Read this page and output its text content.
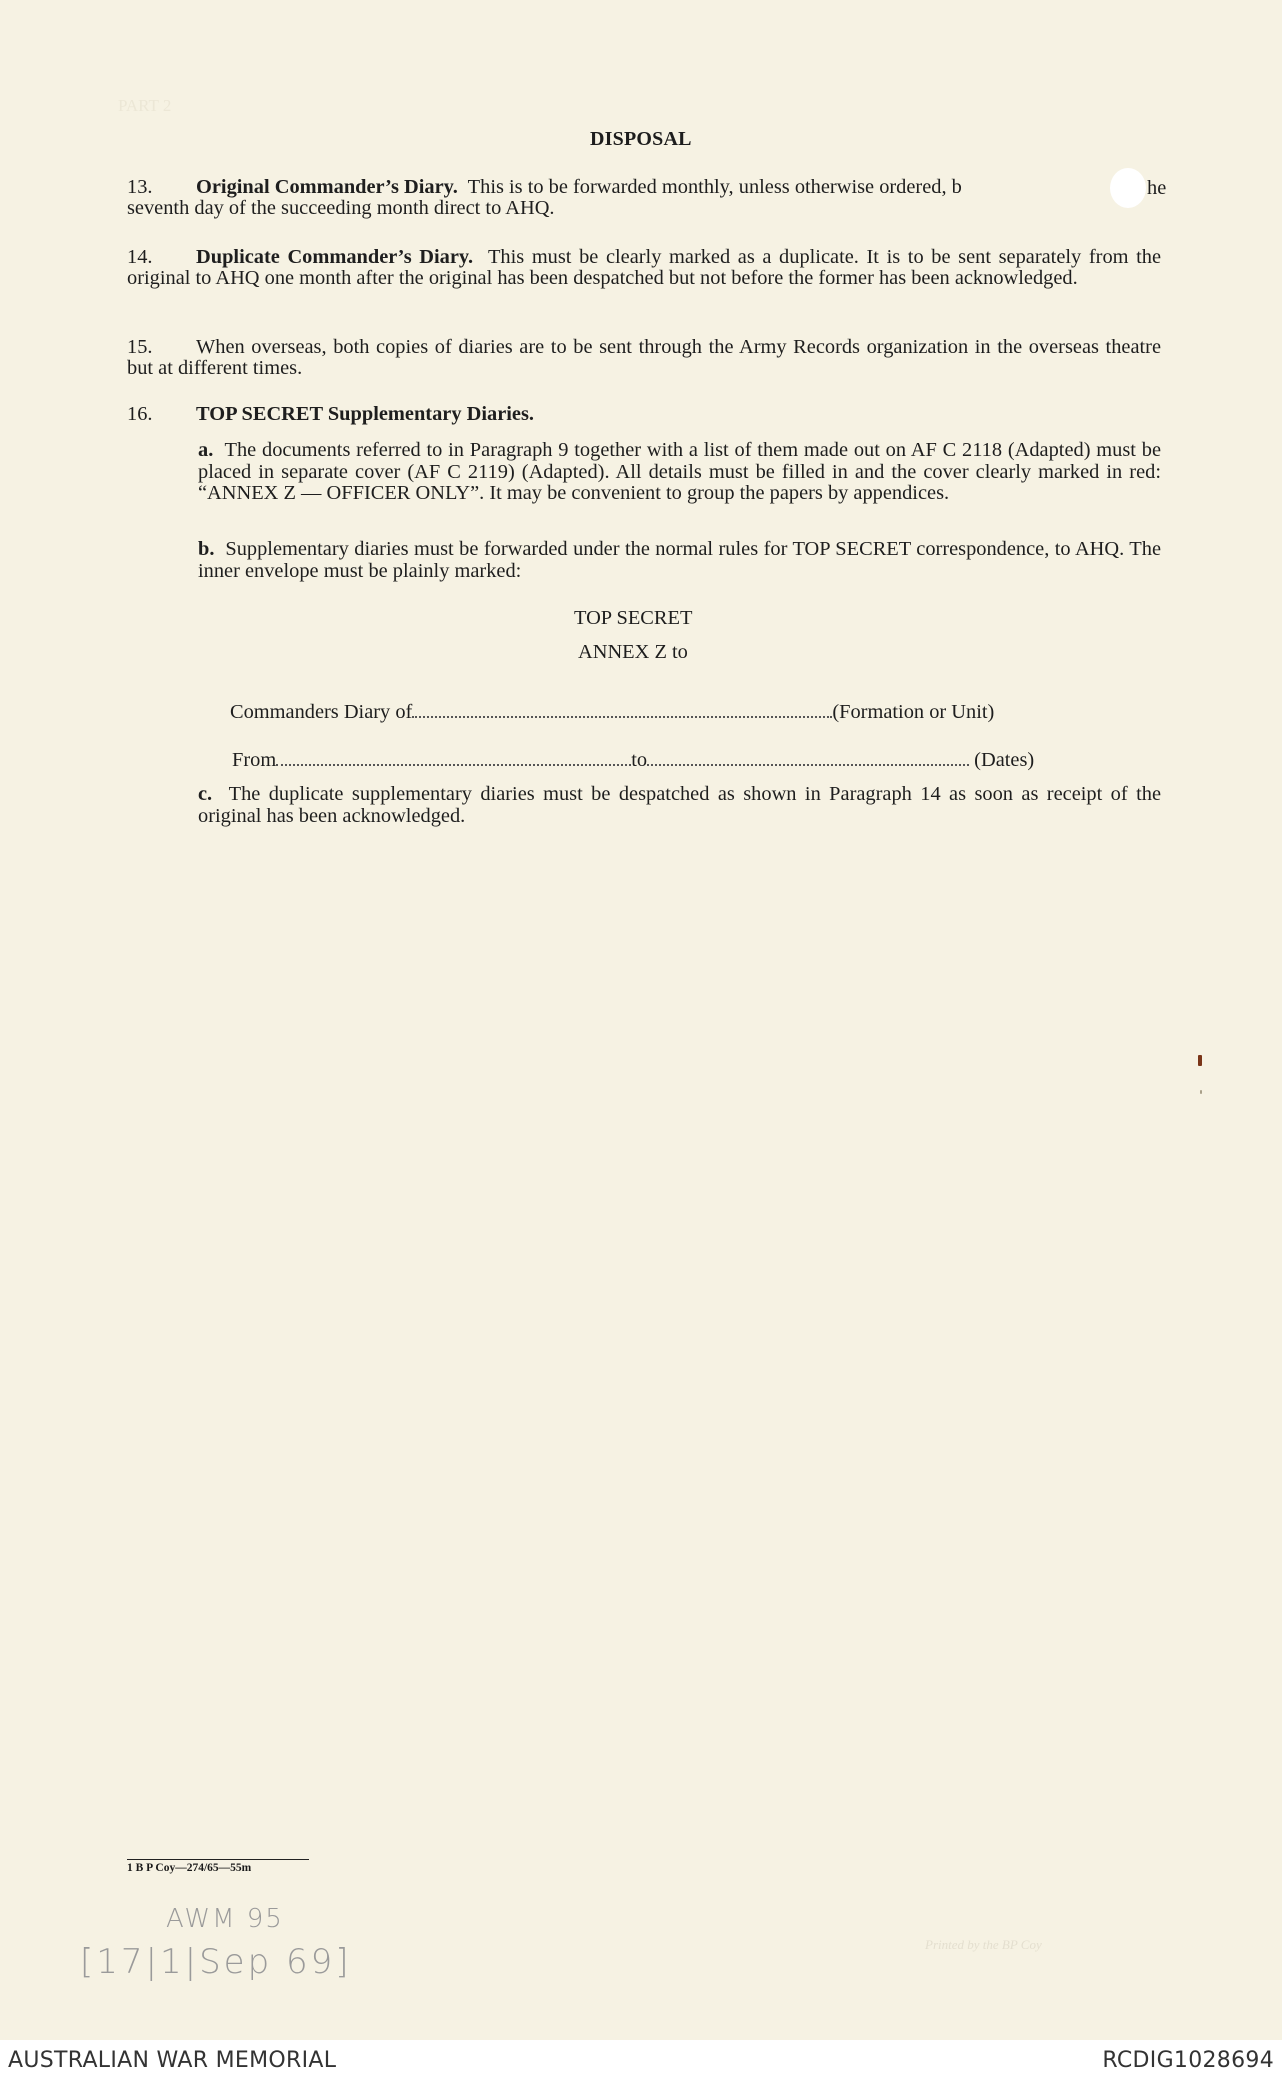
PART 2
DISPOSAL
13. Original Commander’s Diary. This is to be forwarded monthly, unless otherwise ordered, b
seventh day of the succeeding month direct to AHQ.
he
14. Duplicate Commander’s Diary. This must be clearly marked as a duplicate. It is to be sent separately from the original to AHQ one month after the original has been despatched but not before the former has been acknowledged.
15. When overseas, both copies of diaries are to be sent through the Army Records organization in the overseas theatre but at different times.
16. TOP SECRET Supplementary Diaries.
a. The documents referred to in Paragraph 9 together with a list of them made out on AF C 2118 (Adapted) must be placed in separate cover (AF C 2119) (Adapted). All details must be filled in and the cover clearly marked in red: “ANNEX Z — OFFICER ONLY”. It may be convenient to group the papers by appendices.
b. Supplementary diaries must be forwarded under the normal rules for TOP SECRET correspondence, to AHQ. The inner envelope must be plainly marked:
TOP SECRET
ANNEX Z to
Commanders Diary of	(Formation or Unit)
From	to	(Dates)
c. The duplicate supplementary diaries must be despatched as shown in Paragraph 14 as soon as receipt of the original has been acknowledged.
1 B P Coy—274/65—55m
AWM 95
[17|1|Sep 69]	Printed by the BP Coy
AUSTRALIAN WAR MEMORIAL	RCDIG1028694
